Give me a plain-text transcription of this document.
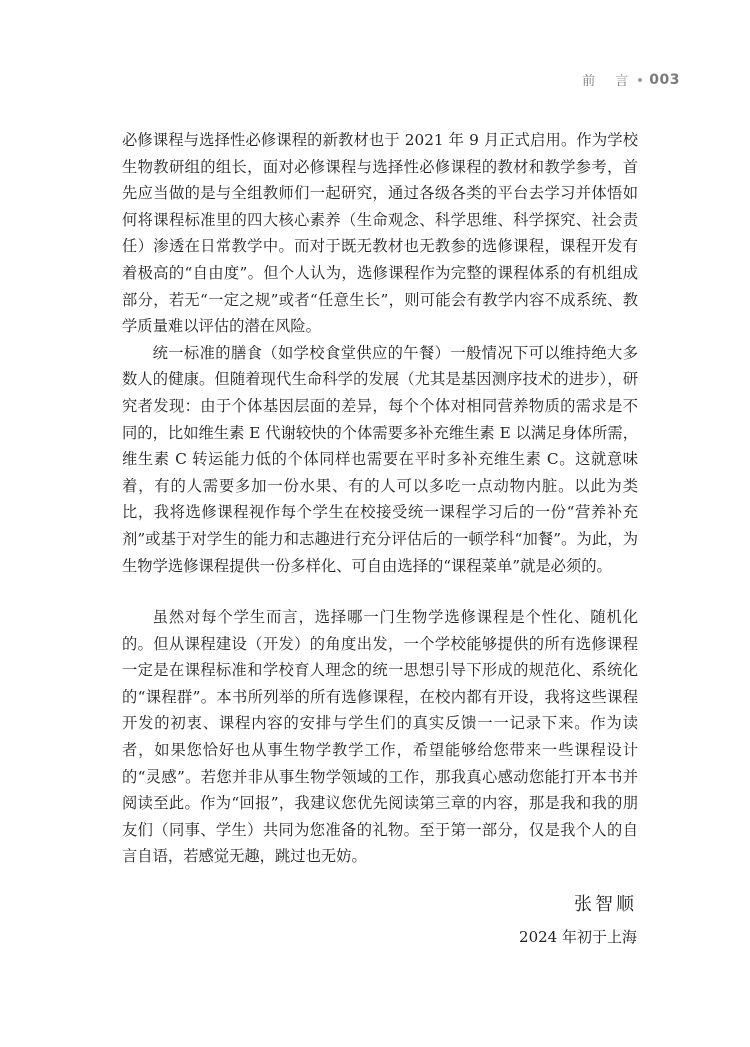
前 言 003

必修课程与选择性必修课程的新教材也于 2021 年 9 月正式启用。作为学校生物教研组的组长，面对必修课程与选择性必修课程的教材和教学参考，首先应当做的是与全组教师们一起研究，通过各级各类的平台去学习并体悟如何将课程标准里的四大核心素养（生命观念、科学思维、科学探究、社会责任）渗透在日常教学中。而对于既无教材也无教参的选修课程，课程开发有着极高的“自由度”。但个人认为，选修课程作为完整的课程体系的有机组成部分，若无“一定之规”或者“任意生长”，则可能会有教学内容不成系统、教学质量难以评估的潜在风险。

统一标准的膳食（如学校食堂供应的午餐）一般情况下可以维持绝大多数人的健康。但随着现代生命科学的发展（尤其是基因测序技术的进步），研究者发现：由于个体基因层面的差异，每个个体对相同营养物质的需求是不同的，比如维生素 E 代谢较快的个体需要多补充维生素 E 以满足身体所需，维生素 C 转运能力低的个体同样也需要在平时多补充维生素 C。这就意味着，有的人需要多加一份水果、有的人可以多吃一点动物内脏。以此为类比，我将选修课程视作每个学生在校接受统一课程学习后的一份“营养补充剂”或基于对学生的能力和志趣进行充分评估后的一顿学科“加餐”。为此，为生物学选修课程提供一份多样化、可自由选择的“课程菜单”就是必须的。

虽然对每个学生而言，选择哪一门生物学选修课程是个性化、随机化的。但从课程建设（开发）的角度出发，一个学校能够提供的所有选修课程一定是在课程标准和学校育人理念的统一思想引导下形成的规范化、系统化的“课程群”。本书所列举的所有选修课程，在校内都有开设，我将这些课程开发的初衷、课程内容的安排与学生们的真实反馈一一记录下来。作为读者，如果您恰好也从事生物学教学工作，希望能够给您带来一些课程设计的“灵感”。若您并非从事生物学领域的工作，那我真心感动您能打开本书并阅读至此。作为“回报”，我建议您优先阅读第三章的内容，那是我和我的朋友们（同事、学生）共同为您准备的礼物。至于第一部分，仅是我个人的自言自语，若感觉无趣，跳过也无妨。

张智顺
2024 年初于上海
